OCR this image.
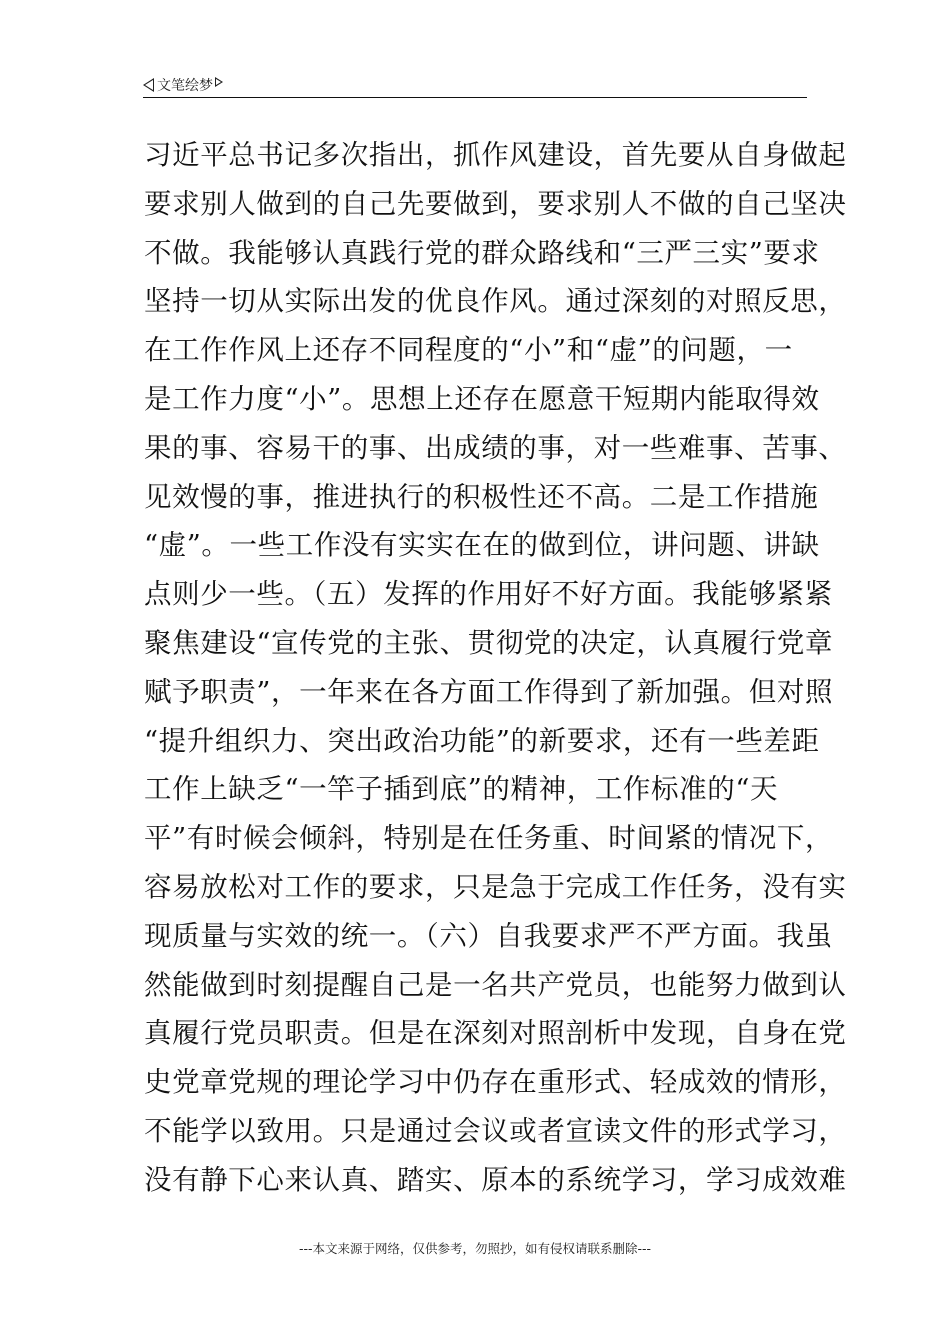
文笔绘梦
习近平总书记多次指出，抓作风建设，首先要从自身做起
要求别人做到的自己先要做到，要求别人不做的自己坚决
不做。我能够认真践行党的群众路线和“三严三实”要求
坚持一切从实际出发的优良作风。通过深刻的对照反思，
在工作作风上还存不同程度的“小”和“虚”的问题，一
是工作力度“小”。思想上还存在愿意干短期内能取得效
果的事、容易干的事、出成绩的事，对一些难事、苦事、
见效慢的事，推进执行的积极性还不高。二是工作措施
“虚”。一些工作没有实实在在的做到位，讲问题、讲缺
点则少一些。（五）发挥的作用好不好方面。我能够紧紧
聚焦建设“宣传党的主张、贯彻党的决定，认真履行党章
赋予职责”，一年来在各方面工作得到了新加强。但对照
“提升组织力、突出政治功能”的新要求，还有一些差距
工作上缺乏“一竿子插到底”的精神，工作标准的“天
平”有时候会倾斜，特别是在任务重、时间紧的情况下，
容易放松对工作的要求，只是急于完成工作任务，没有实
现质量与实效的统一。（六）自我要求严不严方面。我虽
然能做到时刻提醒自己是一名共产党员，也能努力做到认
真履行党员职责。但是在深刻对照剖析中发现，自身在党
史党章党规的理论学习中仍存在重形式、轻成效的情形，
不能学以致用。只是通过会议或者宣读文件的形式学习，
没有静下心来认真、踏实、原本的系统学习，学习成效难
---本文来源于网络，仅供参考，勿照抄，如有侵权请联系删除---
